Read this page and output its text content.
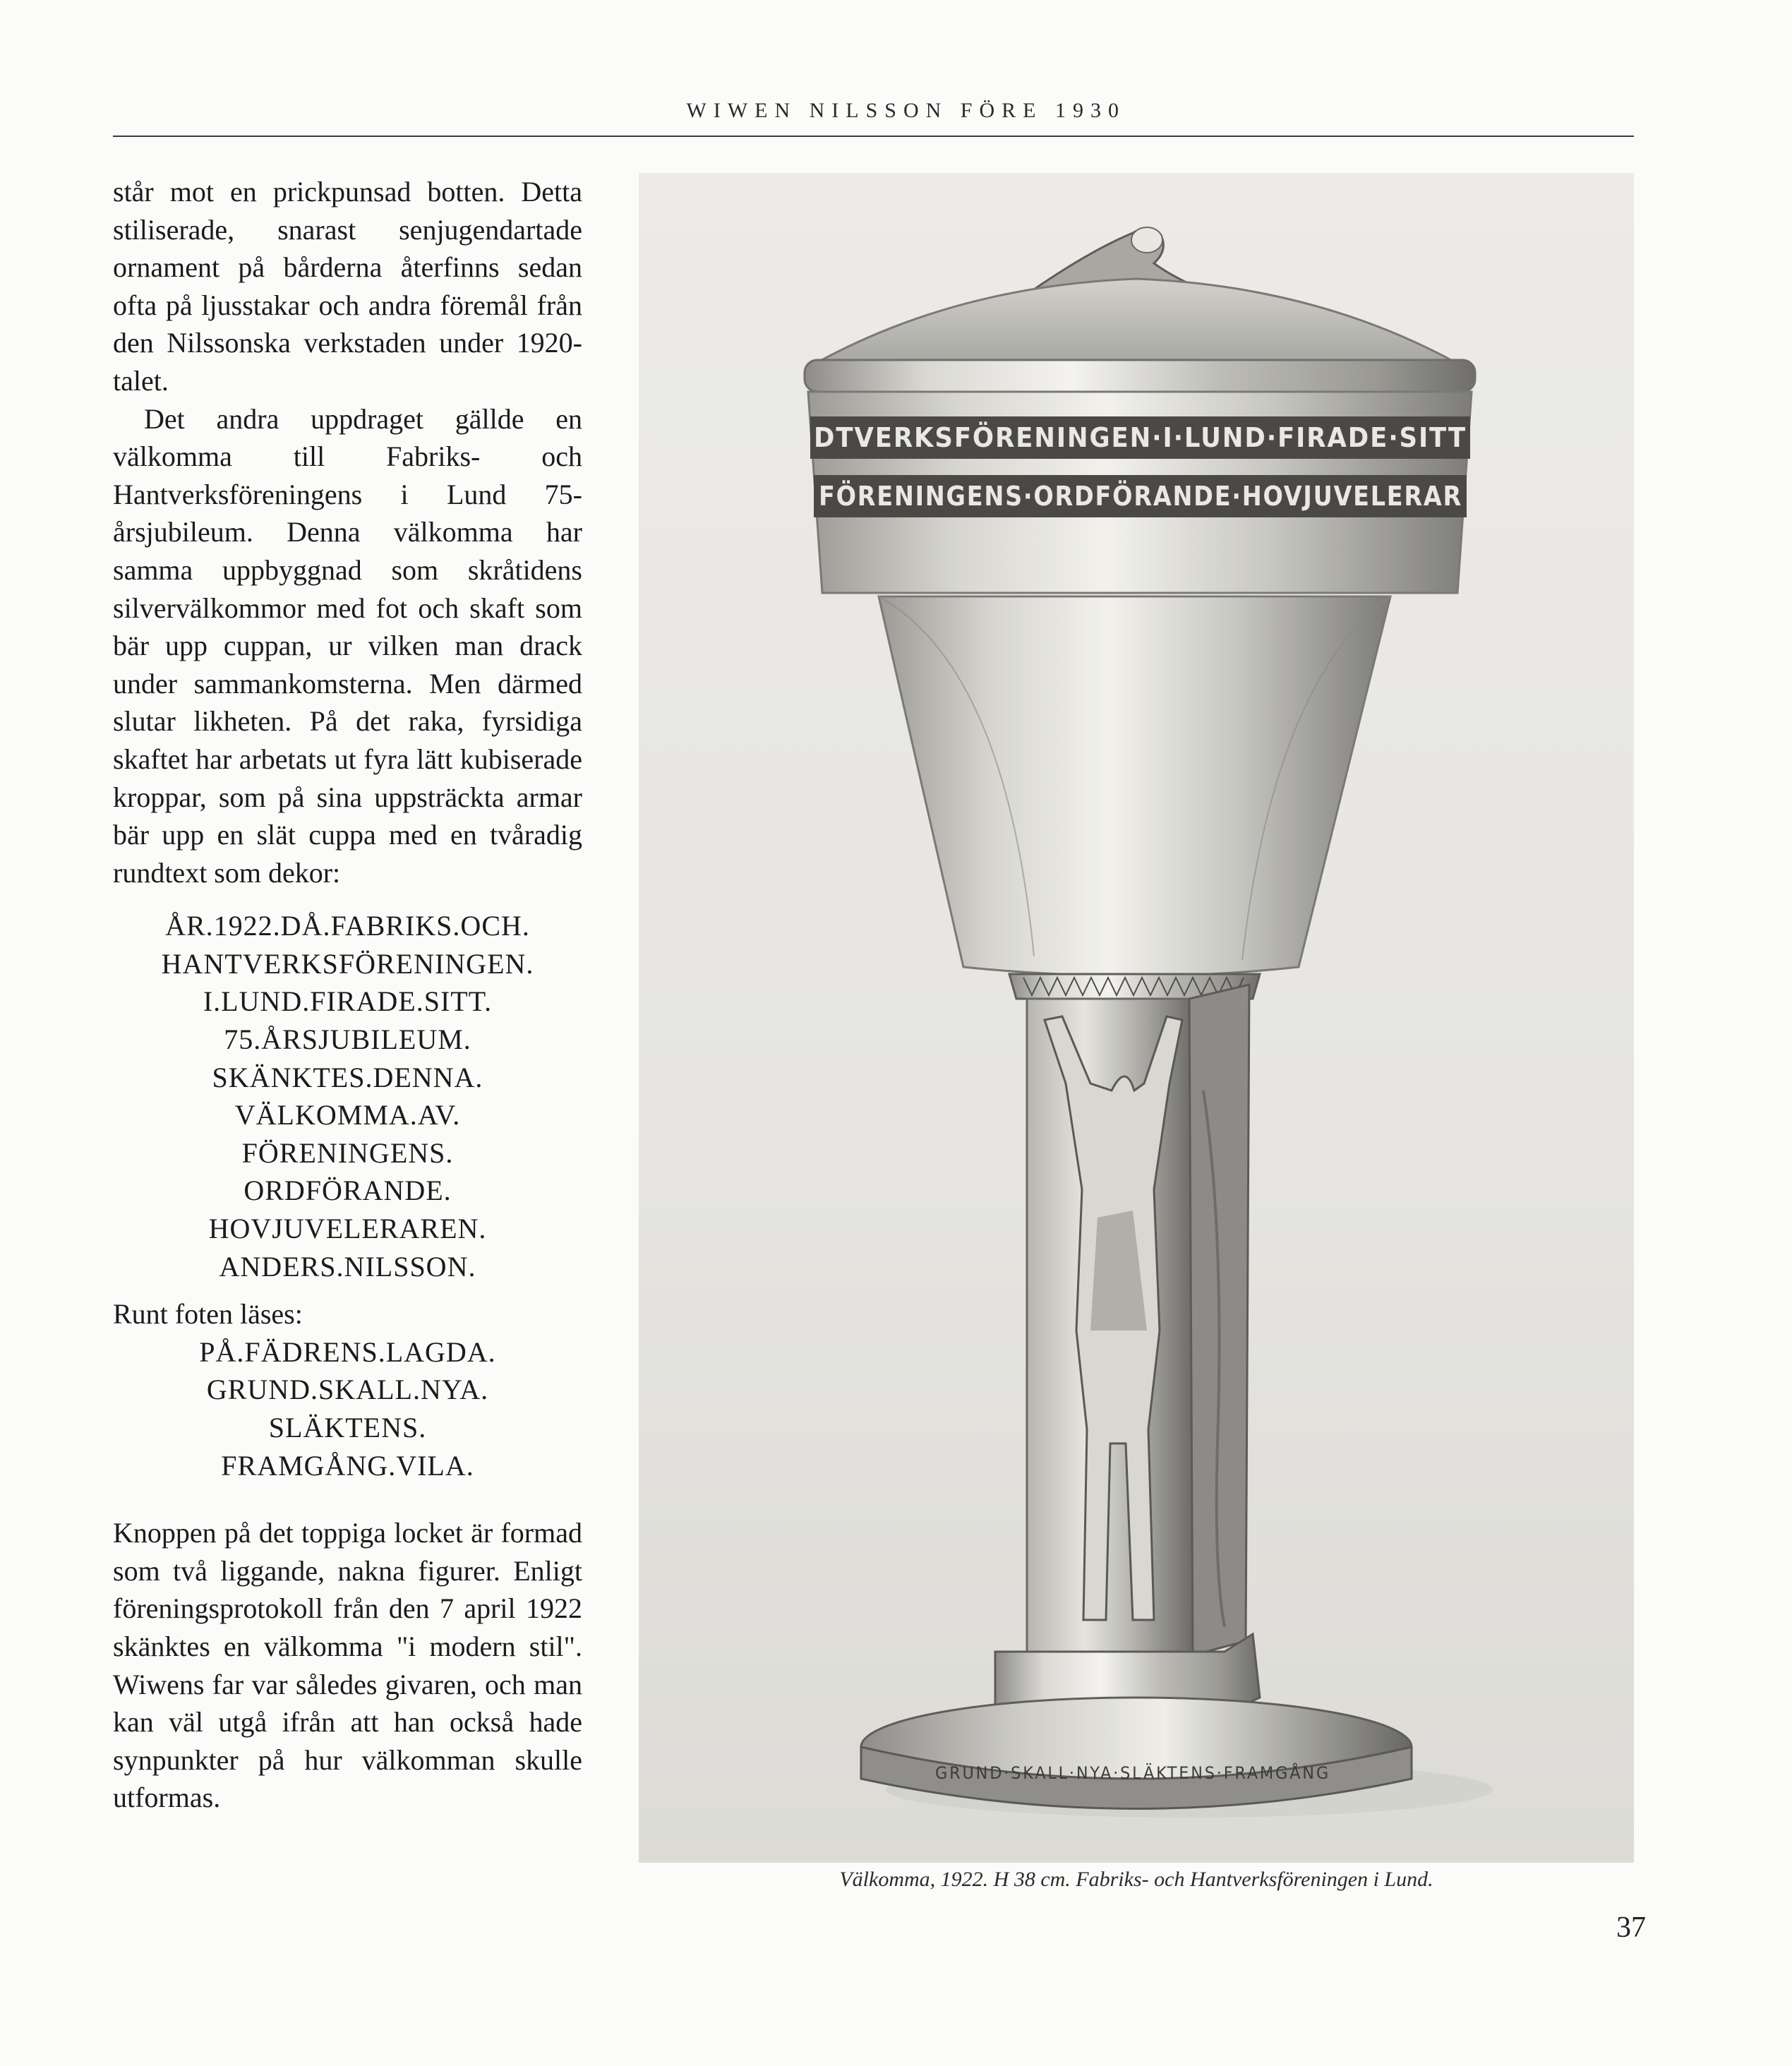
WIWEN NILSSON FÖRE 1930

står mot en prickpunsad botten. Detta stiliserade, snarast senjugendartade ornament på bårderna återfinns sedan ofta på ljusstakar och andra föremål från den Nilssonska verkstaden under 1920-talet.

Det andra uppdraget gällde en välkomma till Fabriks- och Hantverksföreningens i Lund 75-årsjubileum. Denna välkomma har samma uppbyggnad som skråtidens silvervälkommor med fot och skaft som bär upp cuppan, ur vilken man drack under sammankomsterna. Men därmed slutar likheten. På det raka, fyrsidiga skaftet har arbetats ut fyra lätt kubiserade kroppar, som på sina uppsträckta armar bär upp en slät cuppa med en tvåradig rundtext som dekor:

ÅR.1922.DÅ.FABRIKS.OCH.
HANTVERKSFÖRENINGEN.
I.LUND.FIRADE.SITT.
75.ÅRSJUBILEUM.
SKÄNKTES.DENNA.
VÄLKOMMA.AV.
FÖRENINGENS.
ORDFÖRANDE.
HOVJUVELERAREN.
ANDERS.NILSSON.

Runt foten läses:

PÅ.FÄDRENS.LAGDA.
GRUND.SKALL.NYA.
SLÄKTENS.
FRAMGÅNG.VILA.

Knoppen på det toppiga locket är formad som två liggande, nakna figurer. Enligt föreningsprotokoll från den 7 april 1922 skänktes en välkomma "i modern stil". Wiwens far var således givaren, och man kan väl utgå ifrån att han också hade synpunkter på hur välkomman skulle utformas.

DTVERKSFÖRENINGEN·I·LUND·FIRADE·SITT
FÖRENINGENS·ORDFÖRANDE·HOVJUVELERAR
GRUND·SKALL·NYA·SLÄKTENS·FRAMGÅNG
Välkomma, 1922. H 38 cm. Fabriks- och Hantverksföreningen i Lund.
37
